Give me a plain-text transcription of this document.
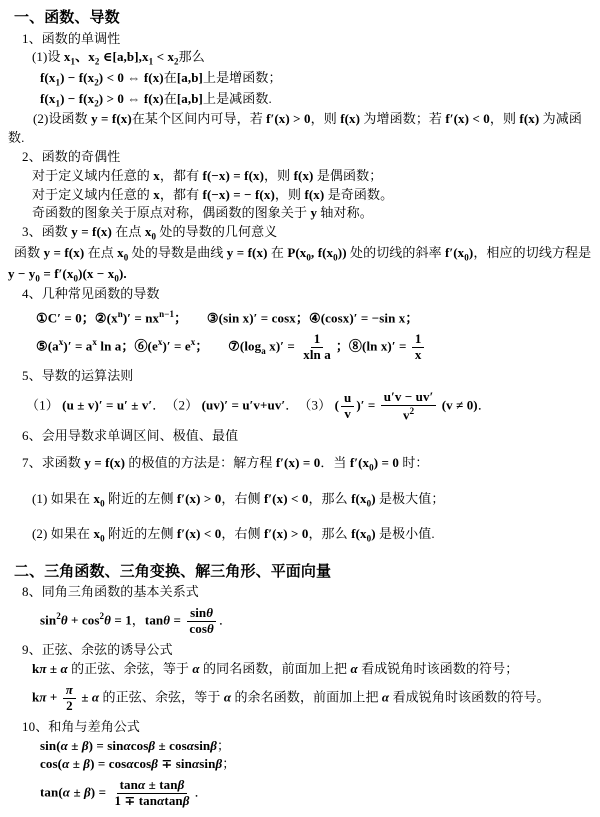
一、函数、导数
1、函数的单调性
(1)设 $x_1$、$x_2$ $\in[a,b],x_1 < x_2$那么
$f(x_1) - f(x_2) < 0$ ⇔ f(x)在[a,b]上是增函数；
$f(x_1) - f(x_2) > 0$ ⇔ f(x)在[a,b]上是减函数.
(2)设函数 y = f(x)在某个区间内可导，若 f′(x) > 0，则 f(x) 为增函数；若 f′(x) < 0，则 f(x) 为减函数.
2、函数的奇偶性
对于定义域内任意的 x，都有 f(−x) = f(x)，则 f(x) 是偶函数；
对于定义域内任意的 x，都有 f(−x) = − f(x)，则 f(x) 是奇函数。
奇函数的图象关于原点对称，偶函数的图象关于 y 轴对称。
3、函数 y = f(x) 在点 $x_0$ 处的导数的几何意义
函数 y = f(x) 在点 $x_0$ 处的导数是曲线 y = f(x) 在 $P(x_0$, $f(x_0)$) 处的切线的斜率 $f'(x_0)$，相应的切线方程是 $y - y_0 = f'(x_0)(x - x_0)$.
4、几种常见函数的导数
①C′ = 0；$②(x^n)' = nx^{n-1}$；　　 ③(sin x)′ = cosx；④(cosx)′ = −sin x；
$⑤(a^x)' = a^x$ ln a；$⑥(e^x)' = e^x$；　　 $⑦(\log_a$ $x)' = \frac{1}{\text{xln a}}$ ；⑧(ln $x)' = \frac{1}{x}$
5、导数的运算法则
（1） (u ± v)′ = u′ ± v′．　（2） (uv)′ = u′v+uv′．　（3） ( $\frac{u}{v}$ )′ = $\frac{u'v - uv'}{v^2} (v \ne 0)$．
6、会用导数求单调区间、极值、最值
7、求函数 y = f(x) 的极值的方法是：解方程 f′(x) = 0．当 $f'(x_0) = 0$ 时：
(1) 如果在 $x_0$ 附近的左侧 f′(x) > 0，右侧 f′(x) < 0，那么 $f(x_0)$ 是极大值；
(2) 如果在 $x_0$ 附近的左侧 f′(x) < 0，右侧 f′(x) > 0，那么 $f(x_0)$ 是极小值.
二、三角函数、三角变换、解三角形、平面向量
8、同角三角函数的基本关系式
$\sin^2\theta + \cos^2\theta = 1$，$\tan\theta = \frac{\sin\theta}{\cos\theta}$ ．
9、正弦、余弦的诱导公式
kπ ± α 的正弦、余弦，等于 α 的同名函数，前面加上把 α 看成锐角时该函数的符号；
$k\pi + \frac{\pi}{2} \pm \alpha$ 的正弦、余弦，等于 α 的余名函数，前面加上把 α 看成锐角时该函数的符号。
10、和角与差角公式
sin(α ± β) = sinαcosβ ± cosαsinβ；
cos(α ± β) = cosαcosβ ∓ sinαsinβ；
$\tan(\alpha \pm \beta) = \frac{\tan\alpha \pm \tan\beta}{1 \mp \tan\alpha\tan\beta}$ ．
